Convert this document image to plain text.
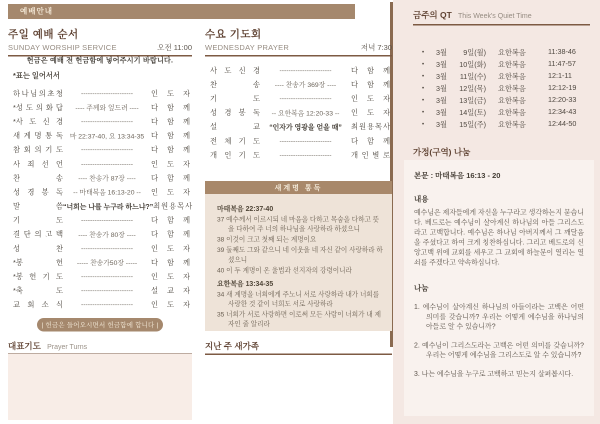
예배안내
주일 예배 순서
SUNDAY WORSHIP SERVICE	오전 11:00
헌금은 예배 전 헌금함에 넣어주시기 바랍니다.
*표는 일어서서
하 나 님 의 초 청	-----------------------	인 도 자
*성 도 의 화 답 ---- 주께와 엎드려 ---- 다 함 께
*사 도 신 경	-----------------------	다 함 께
새 계 명 통 독 마 22:37-40, 요 13:34-35 다 함 께
참 회 의 기 도	-----------------------	다 함 께
사 죄 선 언	-----------------------	인 도 자
찬 송	---- 찬송가 87장 ----	다 함 께
성 경 봉 독 -- 마태복음 16:13-20 -- 인 도 자
말 씀 “너희는 나를 누구라 하느냐?” 최 원 용 목 사
기 도	-----------------------	다 함 께
결 단 의 고 백	---- 찬송가 80장 ----	다 함 께
성 찬	-----------------------	인 도 자
*봉 헌	----- 찬송가50장 ----- 다 함 께
*봉 헌 기 도	-----------------------	인 도 자
*축 도	-----------------------	설 교 자
교 회 소 식	-----------------------	인 도 자
| 헌금은 들어오시면서 헌금함에 합니다 |
대표기도 Prayer Turns
수요 기도회
WEDNESDAY PRAYER	저녁 7:30
사 도 신 경	-----------------------	다 함 께
찬 송	---- 찬송가 369장 ----	다 함 께
기 도	-----------------------	인 도 자
성 경 봉 독 -- 요한복음 12:20-33 -- 인 도 자
설 교 “인자가 영광을 얻을 때” 최 원 용 목 사
전 체 기 도	-----------------------	다 함 께
개 인 기 도	-----------------------	개 인 별 로
새계명 통독
마태복음 22:37-40
37 예수께서 이르시되 네 마음을 다하고 목숨을 다하고 뜻을 다하여 주 너의 하나님을 사랑하라 하셨으니
38 이것이 크고 첫째 되는 계명이요
39 둘째도 그와 같으니 네 이웃을 네 자신 같이 사랑하라 하셨으니
40 이 두 계명이 온 율법과 선지자의 강령이니라
요한복음 13:34-35
34 새 계명을 너희에게 주노니 서로 사랑하라 내가 너희를 사랑한 것 같이 너희도 서로 사랑하라
35 너희가 서로 사랑하면 이로써 모든 사람이 너희가 내 제자인 줄 알리라
지난 주 새가족
금주의 QT This Week's Quiet Time
• 3월	9일(월) 요한복음	11:38-46
• 3월 10일(화) 요한복음	11:47-57
• 3월 11일(수) 요한복음	12:1-11
• 3월 12일(목) 요한복음	12:12-19
• 3월 13일(금) 요한복음	12:20-33
• 3월 14일(토) 요한복음	12:34-43
• 3월 15일(주) 요한복음	12:44-50
가정(구역) 나눔
본문 : 마태복음 16:13 - 20
내용
예수님은 제자들에게 자신을 누구라고 생각하는지 묻습니다. 베드로는 예수님이 살아계신 하나님의 아들 그리스도라고 고백합니다. 예수님은 하나님 아버지께서 그 깨달음을 주셨다고 하여 크게 칭찬하십니다. 그리고 베드로의 신앙고백 위에 교회를 세우고 그 교회에 하늘문이 열리는 열쇠를 주겠다고 약속하십니다.
나눔
1. 예수님이 살아계신 하나님의 아들이라는 고백은 어떤 의미를 갖습니까? 우리는 어떻게 예수님을 하나님의 아들로 알 수 있습니까?
2. 예수님이 그리스도라는 고백은 어떤 의미를 갖습니까? 우리는 어떻게 예수님을 그리스도로 알 수 있습니까?
3. 나는 예수님을 누구로 고백하고 믿는지 살펴봅시다.
